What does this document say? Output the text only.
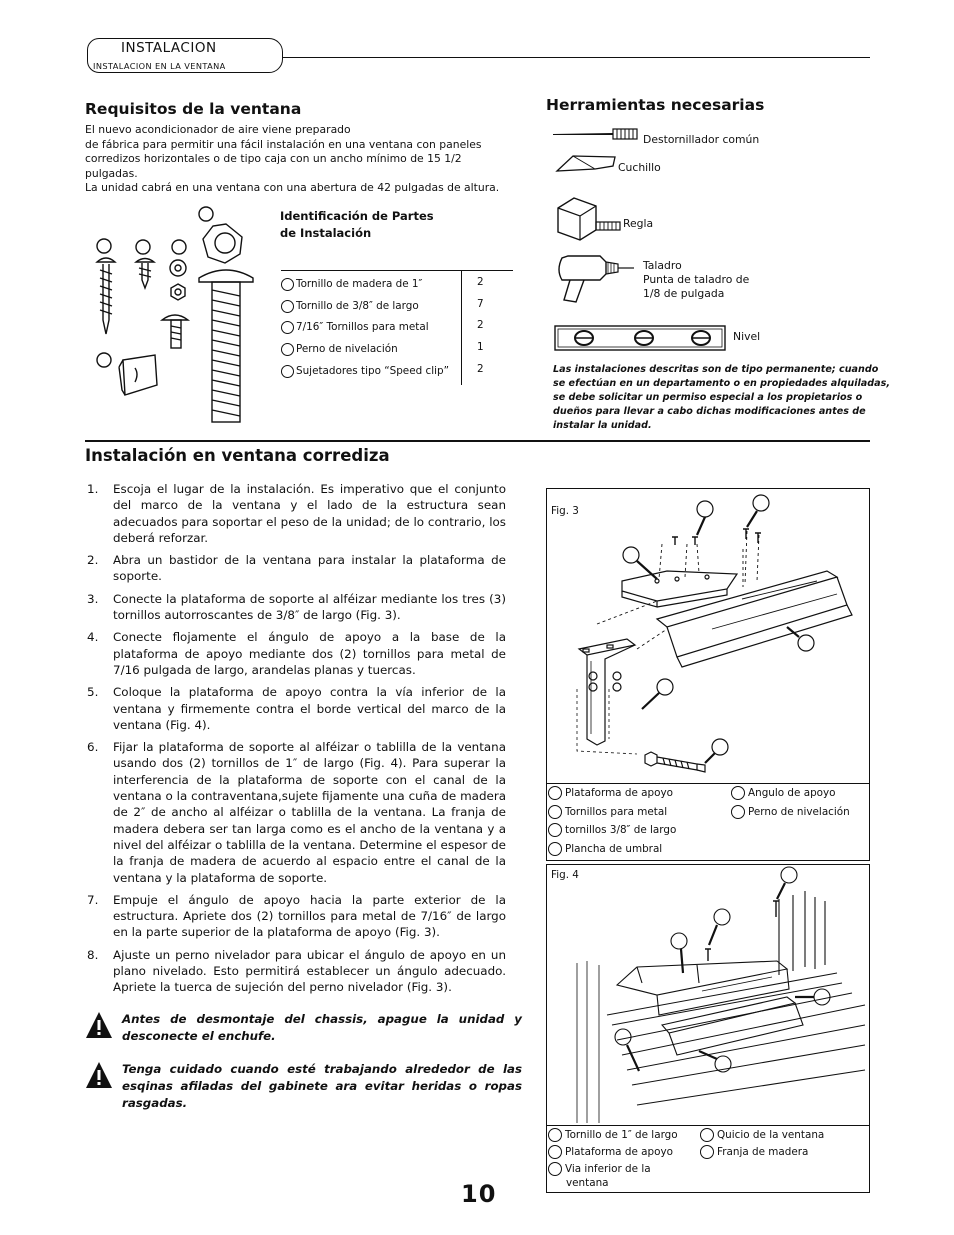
INSTALACION
INSTALACION EN LA VENTANA
Requisitos de la ventana
El nuevo acondicionador de aire viene preparado
de fábrica para permitir una fácil instalación en una ventana con paneles
corredizos horizontales o de tipo caja con un ancho mínimo de 15 1/2 pulgadas.
La unidad cabrá en una ventana con una abertura de 42 pulgadas de altura.
Identificación de Partes
de Instalación
Tornillo de madera de 1″	2
Tornillo de 3/8″ de largo	7
7/16″ Tornillos para metal	2
Perno de nivelación	1
Sujetadores tipo “Speed clip”	2
Herramientas necesarias
Destornillador común
Cuchillo
Regla
Taladro
Punta de taladro de
1/8 de pulgada
Nivel
Las instalaciones descritas son de tipo permanente; cuando se efectúan en un departamento o en propiedades alquiladas, se debe solicitar un permiso especial a los propietarios o dueños para llevar a cabo dichas modificaciones antes de instalar la unidad.
Instalación en ventana corrediza
1. Escoja el lugar de la instalación. Es imperativo que el conjunto del marco de la ventana y el lado de la estructura sean adecuados para soportar el peso de la unidad; de lo contrario, los deberá reforzar.
2. Abra un bastidor de la ventana para instalar la plataforma de soporte.
3. Conecte la plataforma de soporte al alféizar mediante los tres (3) tornillos autorroscantes de 3/8″ de largo (Fig. 3).
4. Conecte flojamente el ángulo de apoyo a la base de la plataforma de apoyo mediante dos (2) tornillos para metal de 7/16 pulgada de largo, arandelas planas y tuercas.
5. Coloque la plataforma de apoyo contra la vía inferior de la ventana y firmemente contra el borde vertical del marco de la ventana (Fig. 4).
6. Fijar la plataforma de soporte al alféizar o tablilla de la ventana usando dos (2) tornillos de 1″ de largo (Fig. 4). Para superar la interferencia de la plataforma de soporte con el canal de la ventana o la contraventana,sujete fijamente una cuña de madera de 2″ de ancho al alféizar o tablilla de la ventana. La franja de madera debera ser tan larga como es el ancho de la ventana y a nivel del alféizar o tablilla de la ventana. Determine el espesor de la franja de madera de acuerdo al espacio entre el canal de la ventana y la plataforma de soporte.
7. Empuje el ángulo de apoyo hacia la parte exterior de la estructura. Apriete dos (2) tornillos para metal de 7/16″ de largo en la parte superior de la plataforma de apoyo (Fig. 3).
8. Ajuste un perno nivelador para ubicar el ángulo de apoyo en un plano nivelado. Esto permitirá establecer un ángulo adecuado. Apriete la tuerca de sujeción del perno nivelador (Fig. 3).
Antes de desmontaje del chassis, apague la unidad y desconecte el enchufe.
Tenga cuidado cuando esté trabajando alrededor de las esqinas afiladas del gabinete ara evitar heridas o ropas rasgadas.
Fig. 3
Plataforma de apoyo
Tornillos para metal
tornillos 3/8″ de largo
Plancha de umbral
Angulo de apoyo
Perno de nivelación
Fig. 4
Tornillo de 1″ de largo
Plataforma de apoyo
Via inferior de la
ventana
Quicio de la ventana
Franja de madera
10
